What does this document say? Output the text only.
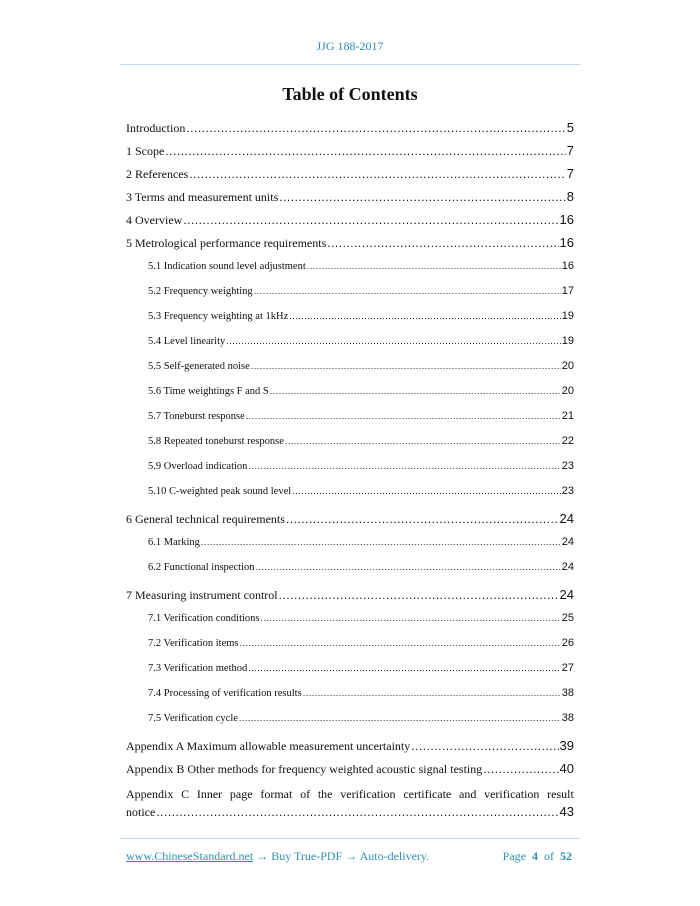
JJG 188-2017
Table of Contents
Introduction .....	5
1 Scope .....	7
2 References .....	7
3 Terms and measurement units .....	8
4 Overview .....	16
5 Metrological performance requirements .....	16
5.1 Indication sound level adjustment .....	16
5.2 Frequency weighting .....	17
5.3 Frequency weighting at 1kHz .....	19
5.4 Level linearity .....	19
5.5 Self-generated noise .....	20
5.6 Time weightings F and S .....	20
5.7 Toneburst response .....	21
5.8 Repeated toneburst response .....	22
5.9 Overload indication .....	23
5.10 C-weighted peak sound level .....	23
6 General technical requirements .....	24
6.1 Marking .....	24
6.2 Functional inspection .....	24
7 Measuring instrument control .....	24
7.1 Verification conditions .....	25
7.2 Verification items .....	26
7.3 Verification method .....	27
7.4 Processing of verification results .....	38
7.5 Verification cycle .....	38
Appendix A Maximum allowable measurement uncertainty .....	39
Appendix B Other methods for frequency weighted acoustic signal testing .....	40
Appendix C Inner page format of the verification certificate and verification result
notice .....	43
www.ChineseStandard.net → Buy True-PDF → Auto-delivery.	Page 4 of 52
